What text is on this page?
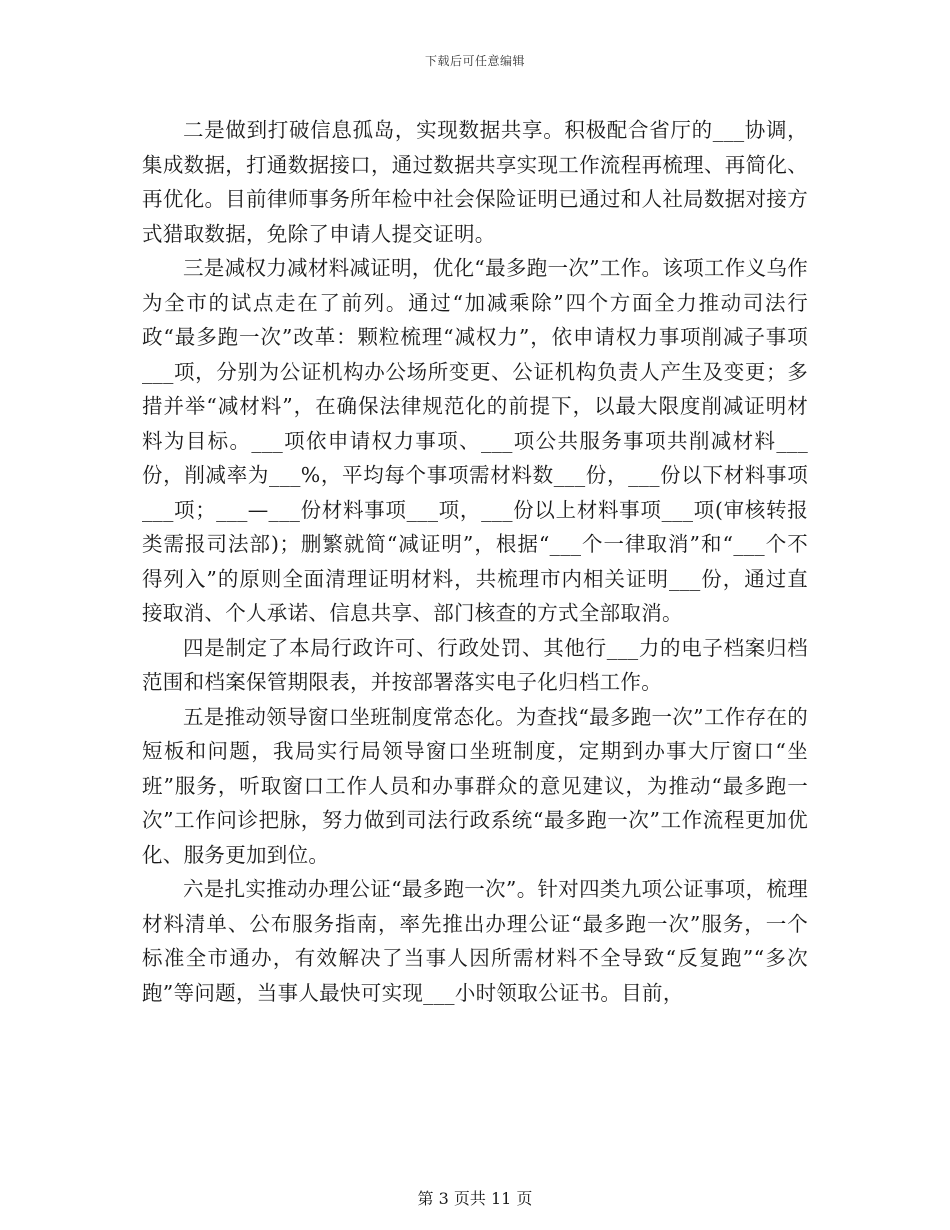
下载后可任意编辑

二是做到打破信息孤岛，实现数据共享。积极配合省厅的___协调，集成数据，打通数据接口，通过数据共享实现工作流程再梳理、再简化、再优化。目前律师事务所年检中社会保险证明已通过和人社局数据对接方式猎取数据，免除了申请人提交证明。

三是减权力减材料减证明，优化“最多跑一次”工作。该项工作义乌作为全市的试点走在了前列。通过“加减乘除”四个方面全力推动司法行政“最多跑一次”改革：颗粒梳理“减权力”，依申请权力事项削减子事项___项，分别为公证机构办公场所变更、公证机构负责人产生及变更；多措并举“减材料”，在确保法律规范化的前提下，以最大限度削减证明材料为目标。___项依申请权力事项、___项公共服务事项共削减材料___份，削减率为___%，平均每个事项需材料数___份，___份以下材料事项___项；___—___份材料事项___项，___份以上材料事项___项(审核转报类需报司法部)；删繁就简“减证明”，根据“___个一律取消”和“___个不得列入”的原则全面清理证明材料，共梳理市内相关证明___份，通过直接取消、个人承诺、信息共享、部门核查的方式全部取消。

四是制定了本局行政许可、行政处罚、其他行___力的电子档案归档范围和档案保管期限表，并按部署落实电子化归档工作。

五是推动领导窗口坐班制度常态化。为查找“最多跑一次”工作存在的短板和问题，我局实行局领导窗口坐班制度，定期到办事大厅窗口“坐班”服务，听取窗口工作人员和办事群众的意见建议，为推动“最多跑一次”工作问诊把脉，努力做到司法行政系统“最多跑一次”工作流程更加优化、服务更加到位。

六是扎实推动办理公证“最多跑一次”。针对四类九项公证事项，梳理材料清单、公布服务指南，率先推出办理公证“最多跑一次”服务，一个标准全市通办，有效解决了当事人因所需材料不全导致“反复跑”“多次跑”等问题，当事人最快可实现___小时领取公证书。目前，

第 3 页共 11 页
